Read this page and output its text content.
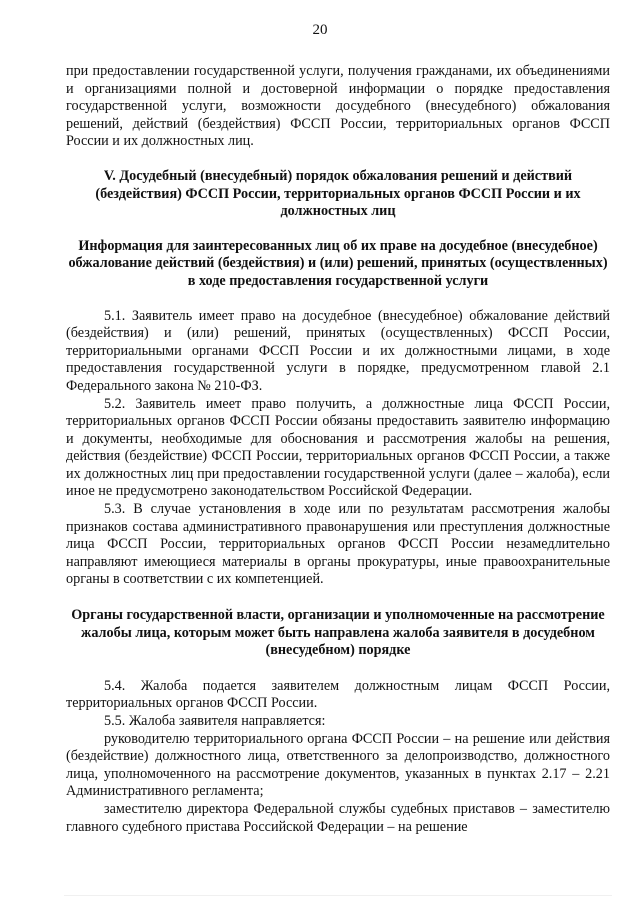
20

при предоставлении государственной услуги, получения гражданами, их объединениями и организациями полной и достоверной информации о порядке предоставления государственной услуги, возможности досудебного (внесудебного) обжалования решений, действий (бездействия) ФССП России, территориальных органов ФССП России и их должностных лиц.

V. Досудебный (внесудебный) порядок обжалования решений и действий (бездействия) ФССП России, территориальных органов ФССП России и их должностных лиц

Информация для заинтересованных лиц об их праве на досудебное (внесудебное) обжалование действий (бездействия) и (или) решений, принятых (осуществленных) в ходе предоставления государственной услуги

5.1. Заявитель имеет право на досудебное (внесудебное) обжалование действий (бездействия) и (или) решений, принятых (осуществленных) ФССП России, территориальными органами ФССП России и их должностными лицами, в ходе предоставления государственной услуги в порядке, предусмотренном главой 2.1 Федерального закона № 210-ФЗ.

5.2. Заявитель имеет право получить, а должностные лица ФССП России, территориальных органов ФССП России обязаны предоставить заявителю информацию и документы, необходимые для обоснования и рассмотрения жалобы на решения, действия (бездействие) ФССП России, территориальных органов ФССП России, а также их должностных лиц при предоставлении государственной услуги (далее – жалоба), если иное не предусмотрено законодательством Российской Федерации.

5.3. В случае установления в ходе или по результатам рассмотрения жалобы признаков состава административного правонарушения или преступления должностные лица ФССП России, территориальных органов ФССП России незамедлительно направляют имеющиеся материалы в органы прокуратуры, иные правоохранительные органы в соответствии с их компетенцией.

Органы государственной власти, организации и уполномоченные на рассмотрение жалобы лица, которым может быть направлена жалоба заявителя в досудебном (внесудебном) порядке

5.4. Жалоба подается заявителем должностным лицам ФССП России, территориальных органов ФССП России.

5.5. Жалоба заявителя направляется:

руководителю территориального органа ФССП России – на решение или действия (бездействие) должностного лица, ответственного за делопроизводство, должностного лица, уполномоченного на рассмотрение документов, указанных в пунктах 2.17 – 2.21 Административного регламента;

заместителю директора Федеральной службы судебных приставов – заместителю главного судебного пристава Российской Федерации – на решение
